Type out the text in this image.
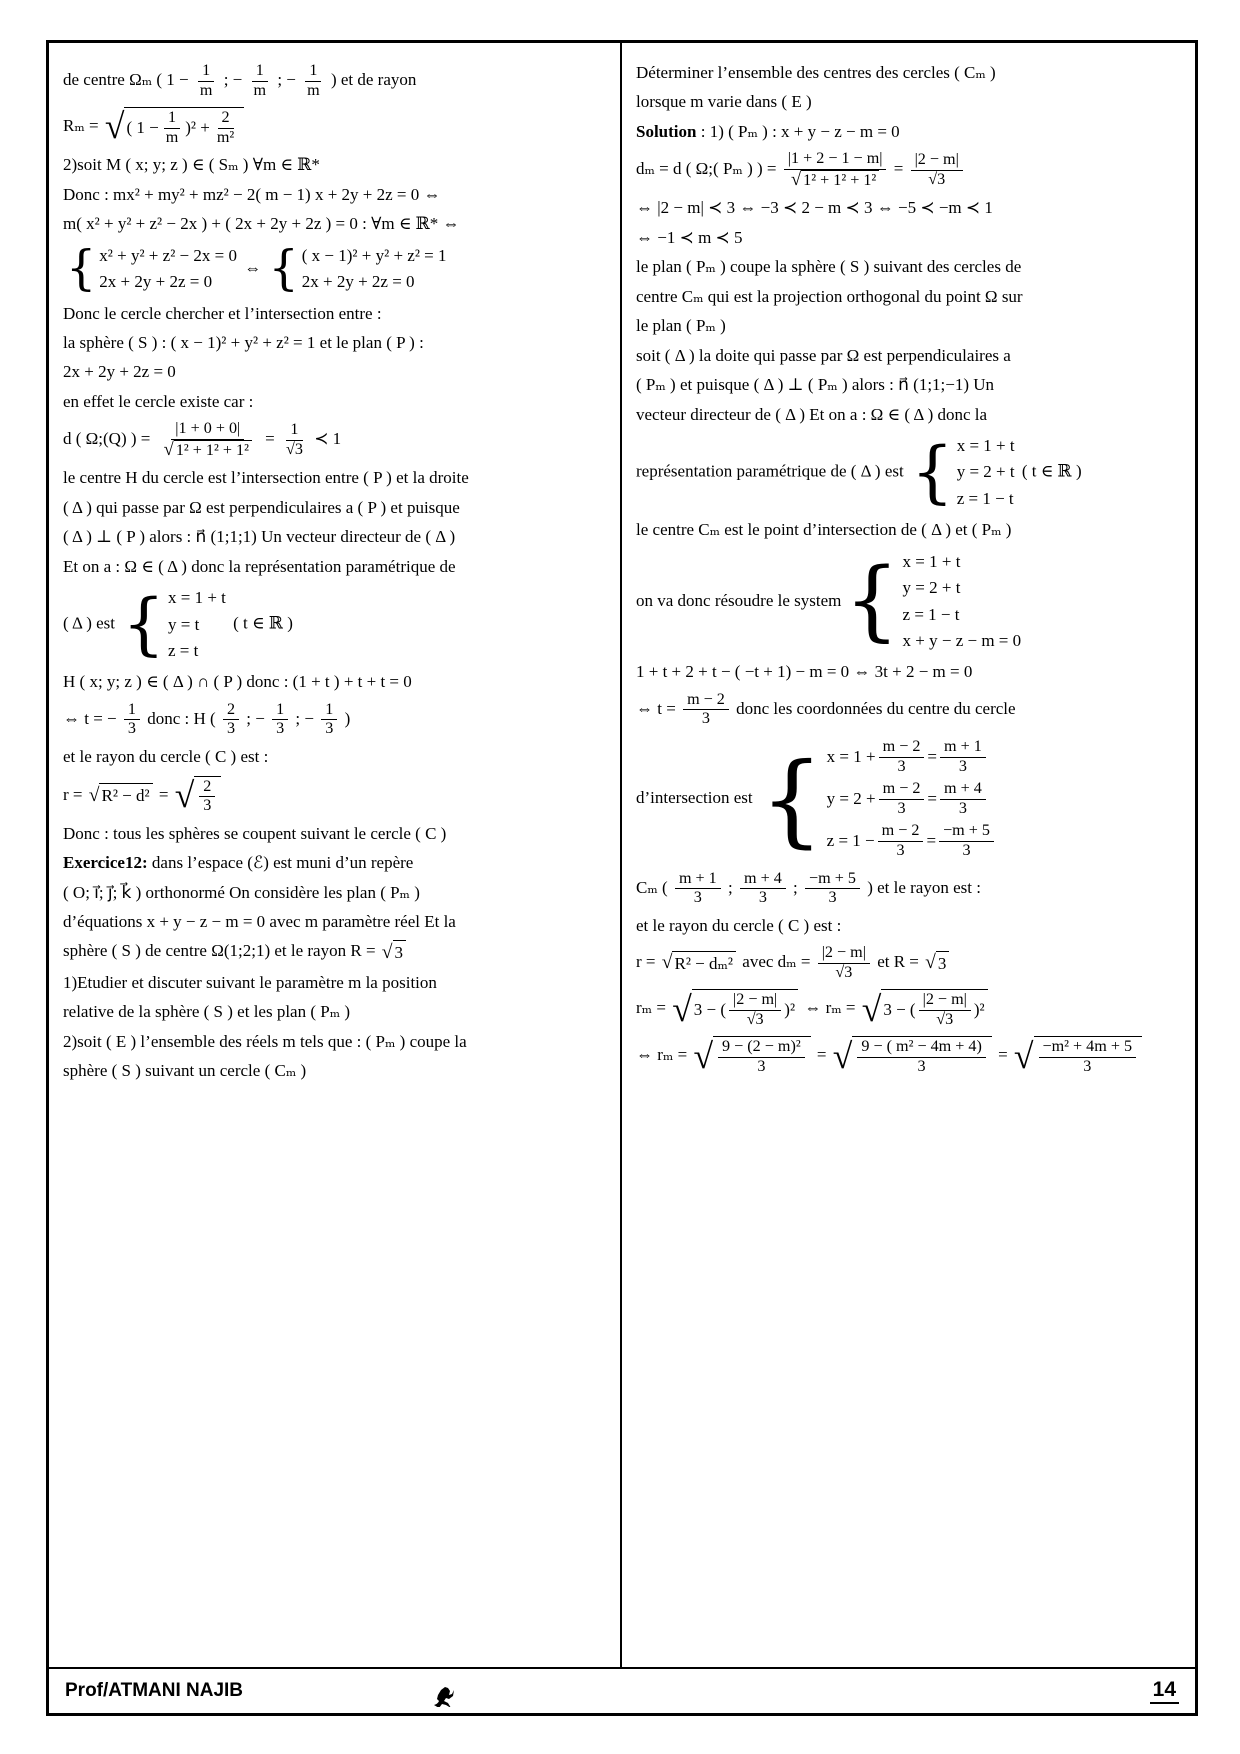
de centre Ωₘ ( $1 - \frac{1}{m}$ ; − $\frac{1}{m}$ ; − $\frac{1}{m}$ ) et de rayon
Rₘ = √ ( $1 - \frac{1}{m} )^2 + \frac{2}{\text{m²}}$
2)soit M ( x; y; z ) ∈ ( Sₘ ) ∀m ∈ ℝ*
Donc : mx² + my² + mz² − 2( m − 1) x + 2y + 2z = 0 ⇔
m( x² + y² + z² − 2x ) + ( 2x + 2y + 2z ) = 0 : ∀m ∈ ℝ* ⇔
{ x² + y² + z² − 2x = 0
2x + 2y + 2z = 0
⇔ { ( x − 1)² + y² + z² = 1
2x + 2y + 2z = 0
Donc le cercle chercher et l’intersection entre :
la sphère ( S ) : ( x − 1)² + y² + z² = 1 et le plan ( P ) :
2x + 2y + 2z = 0
en effet le cercle existe car :
d ( Ω;(Q) ) = $\frac{|1 + 0 + 0|}{\text{√ 1² + 1² + 1²}} = \frac{1}{√3}$ ≺ 1
le centre H du cercle est l’intersection entre ( P ) et la droite
( Δ ) qui passe par Ω est perpendiculaires a ( P ) et puisque
( Δ ) ⊥ ( P ) alors : n⃗ (1;1;1) Un vecteur directeur de ( Δ )
Et on a : Ω ∈ ( Δ ) donc la représentation paramétrique de
( Δ ) est { x = 1 + t
y = t
z = t
( t ∈ ℝ )
H ( x; y; z ) ∈ ( Δ ) ∩ ( P ) donc : (1 + t ) + t + t = 0
⇔ t = − $\frac{1}{3}$ donc : H ( $\frac{2}{3}$ ; − $\frac{1}{3}$ ; − $\frac{1}{3}$ )
et le rayon du cercle ( C ) est :
r = √ R² − d² = √ $\frac{2}{3}$
Donc : tous les sphères se coupent suivant le cercle ( C )
Exercice12: dans l’espace (ℰ) est muni d’un repère
( O; i⃗; j⃗; k⃗ ) orthonormé On considère les plan ( Pₘ )
d’équations x + y − z − m = 0 avec m paramètre réel Et la
sphère ( S ) de centre Ω(1;2;1) et le rayon R = √ 3
1)Etudier et discuter suivant le paramètre m la position
relative de la sphère ( S ) et les plan ( Pₘ )
2)soit ( E ) l’ensemble des réels m tels que : ( Pₘ ) coupe la
sphère ( S ) suivant un cercle ( Cₘ )
Déterminer l’ensemble des centres des cercles ( Cₘ )
lorsque m varie dans ( E )
Solution : 1) ( Pₘ ) : x + y − z − m = 0
dₘ = d ( Ω;( Pₘ ) ) = $\frac{|1 + 2 - 1 - m|}{\text{√ 1² + 1² + 1²}} = \frac{|2 - m|}{√3}$
⇔ |2 − m| ≺ 3 ⇔ −3 ≺ 2 − m ≺ 3 ⇔ −5 ≺ −m ≺ 1
⇔ −1 ≺ m ≺ 5
le plan ( Pₘ ) coupe la sphère ( S ) suivant des cercles de
centre Cₘ qui est la projection orthogonal du point Ω sur
le plan ( Pₘ )
soit ( Δ ) la doite qui passe par Ω est perpendiculaires a
( Pₘ ) et puisque ( Δ ) ⊥ ( Pₘ ) alors : n⃗ (1;1;−1) Un
vecteur directeur de ( Δ ) Et on a : Ω ∈ ( Δ ) donc la
représentation paramétrique de ( Δ ) est { x = 1 + t
y = 2 + t
z = 1 − t
( t ∈ ℝ )
le centre Cₘ est le point d’intersection de ( Δ ) et ( Pₘ )
on va donc résoudre le system { x = 1 + t
y = 2 + t
z = 1 − t
x + y − z − m = 0
1 + t + 2 + t − ( −t + 1) − m = 0 ⇔ 3t + 2 − m = 0
⇔ $t = \frac{m - 2}{3}$ donc les coordonnées du centre du cercle
d’intersection est { $x = 1 + \frac{m - 2}{3} = \frac{m + 1}{3}$
$y = 2 + \frac{m - 2}{3} = \frac{m + 4}{3}$
$z = 1 - \frac{m - 2}{3} = \frac{-m + 5}{3}$
Cₘ ( $\frac{m + 1}{3}$ ; $\frac{m + 4}{3}$ ; $\frac{-m + 5}{3}$ ) et le rayon est :
et le rayon du cercle ( C ) est :
r = √ R² − dₘ² avec $d_m = \frac{|2 - m|}{√3}$ et R = √ 3
rₘ = √ 3 − ( $\frac{|2 - m|}{√3} )^2$ ⇔ rₘ = √ 3 − ( $\frac{|2 - m|}{√3} )^2$
⇔ rₘ = √ $\frac{\text{9 − (2 − m)²}}{3}$ = √ $\frac{\text{9 − ( m² − 4m + 4)}}{3}$ = √ $\frac{\text{−m² + 4m + 5}}{3}$
Prof/ATMANI NAJIB	14
